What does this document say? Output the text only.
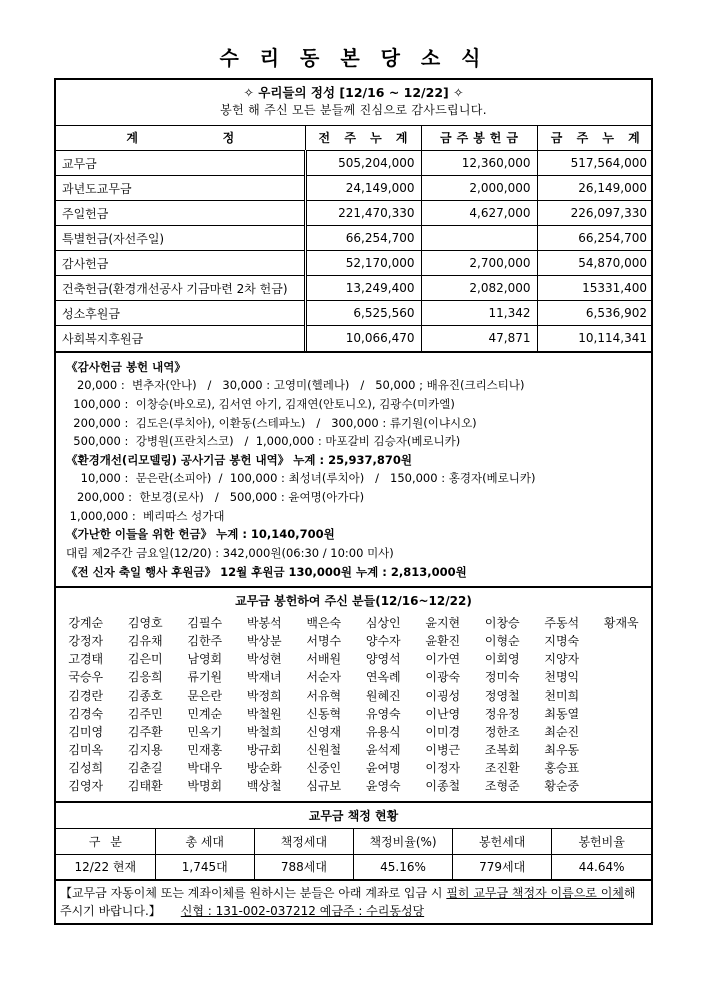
수 리 동 본 당 소 식
✧ 우리들의 정성 [12/16 ~ 12/22] ✧
봉헌 해 주신 모든 분들께 진심으로 감사드립니다.
계 정	전 주 누 계	금주봉헌금	금 주 누 계
교무금	505,204,000	12,360,000	517,564,000
과년도교무금	24,149,000	2,000,000	26,149,000
주일헌금	221,470,330	4,627,000	226,097,330
특별헌금(자선주일)	66,254,700		66,254,700
감사헌금	52,170,000	2,700,000	54,870,000
건축헌금(환경개선공사 기금마련 2차 헌금)	13,249,400	2,082,000	15331,400
성소후원금	6,525,560	11,342	6,536,902
사회복지후원금	10,066,470	47,871	10,114,341
《감사헌금 봉헌 내역》
20,000 :  변추자(안나)   /   30,000 : 고영미(헬레나)   /   50,000 ; 배유진(크리스티나)
100,000 :  이창승(바오로), 김서연 아기, 김재연(안토니오), 김광수(미카엘)
200,000 :  김도은(루치아), 이환동(스테파노)   /   300,000 : 류기원(이냐시오)
500,000 :  강병원(프란치스코)   /  1,000,000 : 마포갈비 김승자(베로니카)
《환경개선(리모델링) 공사기금 봉헌 내역》 누계 : 25,937,870원
10,000 :  문은란(소피아)  /  100,000 : 최성녀(루치아)   /   150,000 : 홍경자(베로니카)
200,000 :  한보경(로사)   /   500,000 : 윤여명(아가다)
1,000,000 :  베리따스 성가대
《가난한 이들을 위한 헌금》 누계 : 10,140,700원
대림 제2주간 금요일(12/20) : 342,000원(06:30 / 10:00 미사)
《전 신자 축일 행사 후원금》 12월 후원금 130,000원 누계 : 2,813,000원
교무금 봉헌하여 주신 분들(12/16~12/22)
강계순	김영호	김필수	박봉석	백은숙	심상인	윤지현	이창승	주동석	황재욱
강정자	김유채	김한주	박상분	서명수	양수자	윤환진	이형순	지명숙	
고경태	김은미	남영회	박성현	서배원	양영석	이가연	이회영	지양자	
국승우	김응희	류기원	박재녀	서순자	연옥례	이광숙	정미숙	천명익	
김경란	김종호	문은란	박정희	서유혁	원혜진	이굉성	정영철	천미희	
김경숙	김주민	민계순	박철원	신동혁	유영숙	이난영	정유정	최동열	
김미영	김주환	민옥기	박철희	신영재	유용식	이미경	정한조	최순진	
김미옥	김지용	민재홍	방규회	신원철	윤석제	이병근	조복회	최우동	
김성희	김춘길	박대우	방순화	신중인	윤여명	이정자	조진환	홍승표	
김영자	김태환	박명회	백상철	심규보	윤영숙	이종철	조형준	황순중	
교무금 책정 현황
구 분	총 세대	책정세대	책정비율(%)	봉헌세대	봉헌비율
12/22 현재	1,745대	788세대	45.16%	779세대	44.64%
【교무금 자동이체 또는 계좌이체를 원하시는 분들은 아래 계좌로 입금 시 필히 교무금 책정자 이름으로 이체해 주시기 바랍니다.】 신협 : 131-002-037212 예금주 : 수리동성당
